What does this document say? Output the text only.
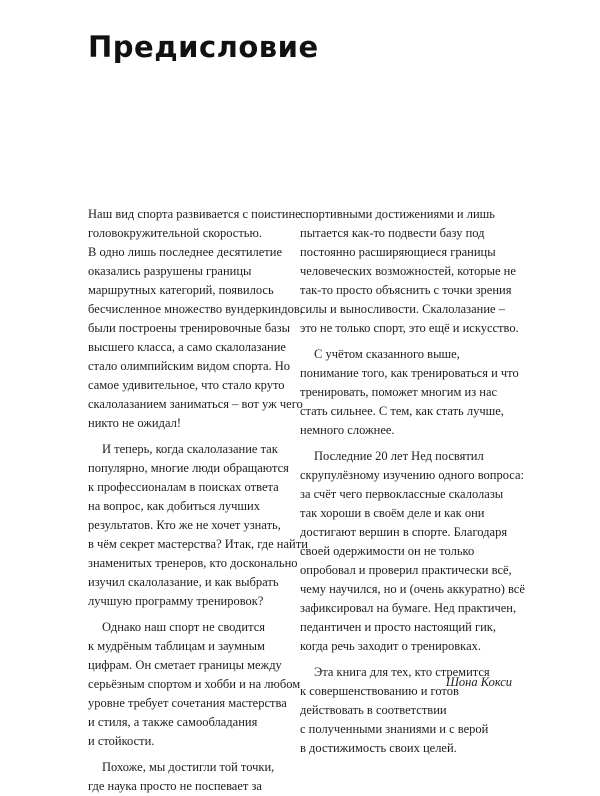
Предисловие
Наш вид спорта развивается с поистине
головокружительной скоростью.
В одно лишь последнее десятилетие
оказались разрушены границы
маршрутных категорий, появилось
бесчисленное множество вундеркиндов,
были построены тренировочные базы
высшего класса, а само скалолазание
стало олимпийским видом спорта. Но
самое удивительное, что стало круто
скалолазанием заниматься – вот уж чего
никто не ожидал!
И теперь, когда скалолазание так
популярно, многие люди обращаются
к профессионалам в поисках ответа
на вопрос, как добиться лучших
результатов. Кто же не хочет узнать,
в чём секрет мастерства? Итак, где найти
знаменитых тренеров, кто досконально
изучил скалолазание, и как выбрать
лучшую программу тренировок?
Однако наш спорт не сводится
к мудрёным таблицам и заумным
цифрам. Он сметает границы между
серьёзным спортом и хобби и на любом
уровне требует сочетания мастерства
и стиля, а также самообладания
и стойкости.
Похоже, мы достигли той точки,
где наука просто не поспевает за
спортивными достижениями и лишь
пытается как-то подвести базу под
постоянно расширяющиеся границы
человеческих возможностей, которые не
так-то просто объяснить с точки зрения
силы и выносливости. Скалолазание –
это не только спорт, это ещё и искусство.
С учётом сказанного выше,
понимание того, как тренироваться и что
тренировать, поможет многим из нас
стать сильнее. С тем, как стать лучше,
немного сложнее.
Последние 20 лет Нед посвятил
скрупулёзному изучению одного вопроса:
за счёт чего первоклассные скалолазы
так хороши в своём деле и как они
достигают вершин в спорте. Благодаря
своей одержимости он не только
опробовал и проверил практически всё,
чему научился, но и (очень аккуратно) всё
зафиксировал на бумаге. Нед практичен,
педантичен и просто настоящий гик,
когда речь заходит о тренировках.
Эта книга для тех, кто стремится
к совершенствованию и готов
действовать в соответствии
с полученными знаниями и с верой
в достижимость своих целей.
Шона Кокси
